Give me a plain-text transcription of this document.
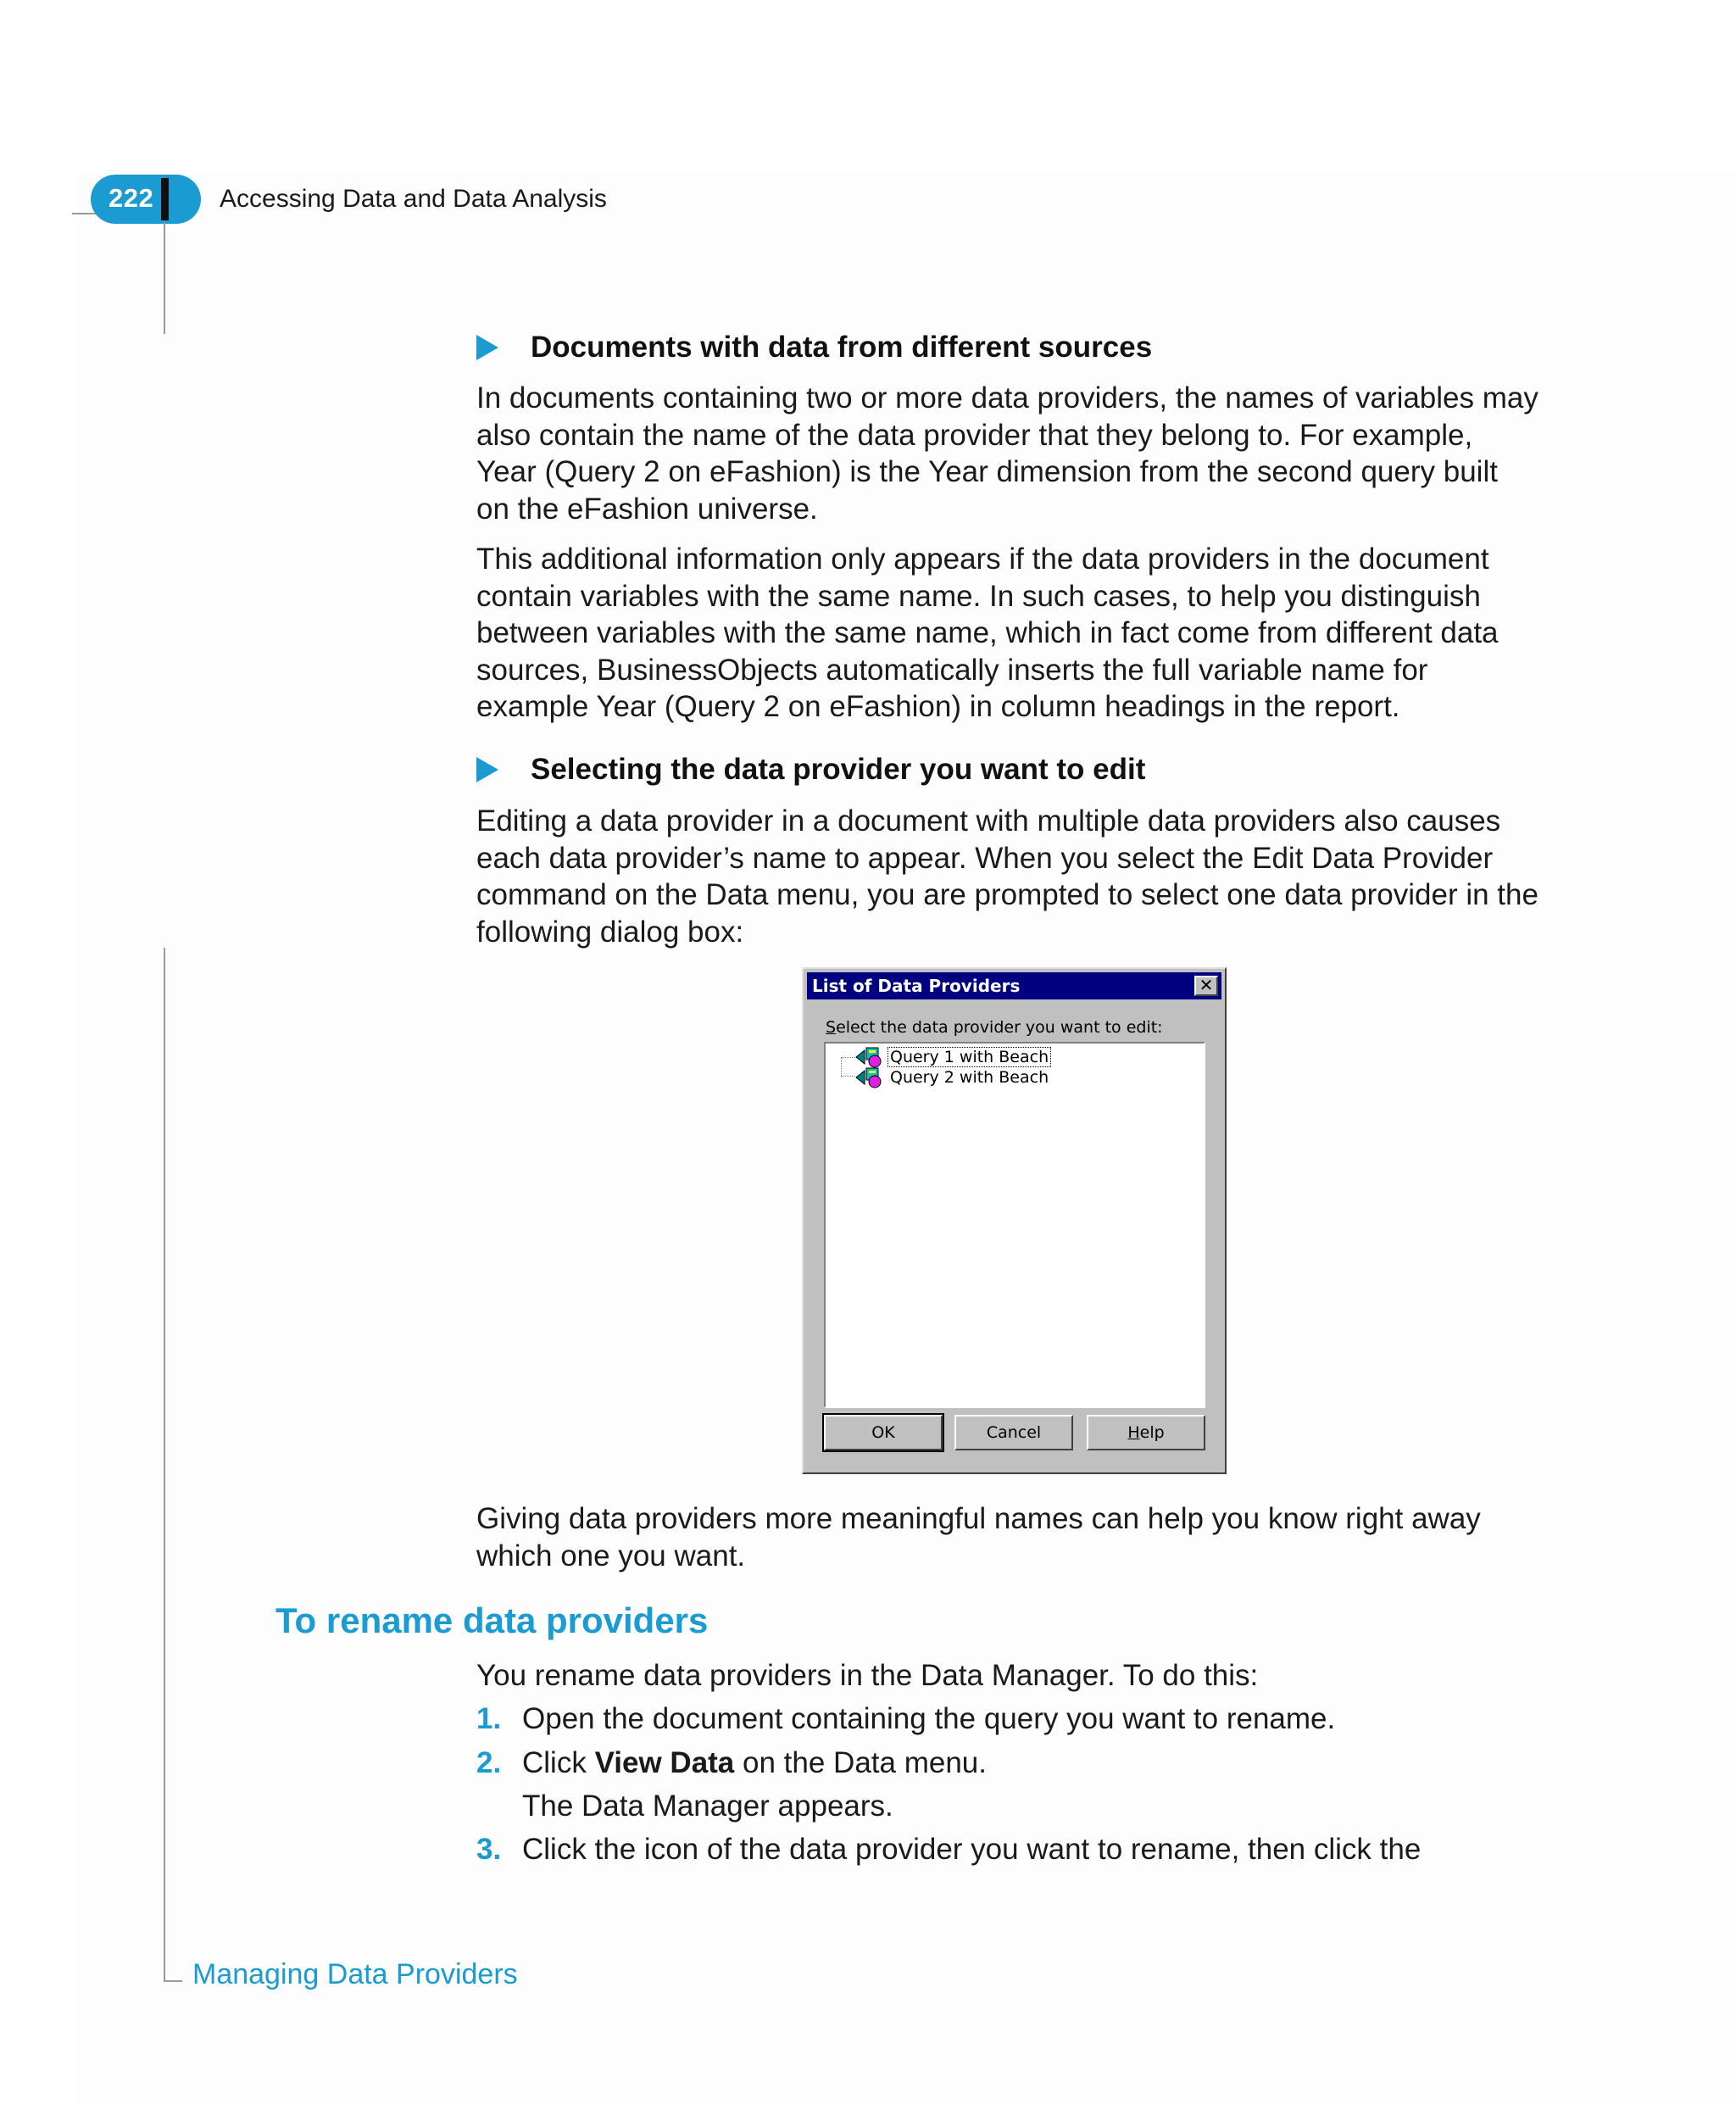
222	Accessing Data and Data Analysis
Documents with data from different sources
In documents containing two or more data providers, the names of variables may
also contain the name of the data provider that they belong to. For example,
Year (Query 2 on eFashion) is the Year dimension from the second query built
on the eFashion universe.
This additional information only appears if the data providers in the document
contain variables with the same name. In such cases, to help you distinguish
between variables with the same name, which in fact come from different data
sources, BusinessObjects automatically inserts the full variable name for
example Year (Query 2 on eFashion) in column headings in the report.
Selecting the data provider you want to edit
Editing a data provider in a document with multiple data providers also causes
each data provider’s name to appear. When you select the Edit Data Provider
command on the Data menu, you are prompted to select one data provider in the
following dialog box:
List of Data Providers	✕
Select the data provider you want to edit:
Query 1 with Beach
Query 2 with Beach
OK	Cancel	Help
Giving data providers more meaningful names can help you know right away
which one you want.
To rename data providers
You rename data providers in the Data Manager. To do this:
1. Open the document containing the query you want to rename.
2. Click View Data on the Data menu.
The Data Manager appears.
3. Click the icon of the data provider you want to rename, then click the
Managing Data Providers
